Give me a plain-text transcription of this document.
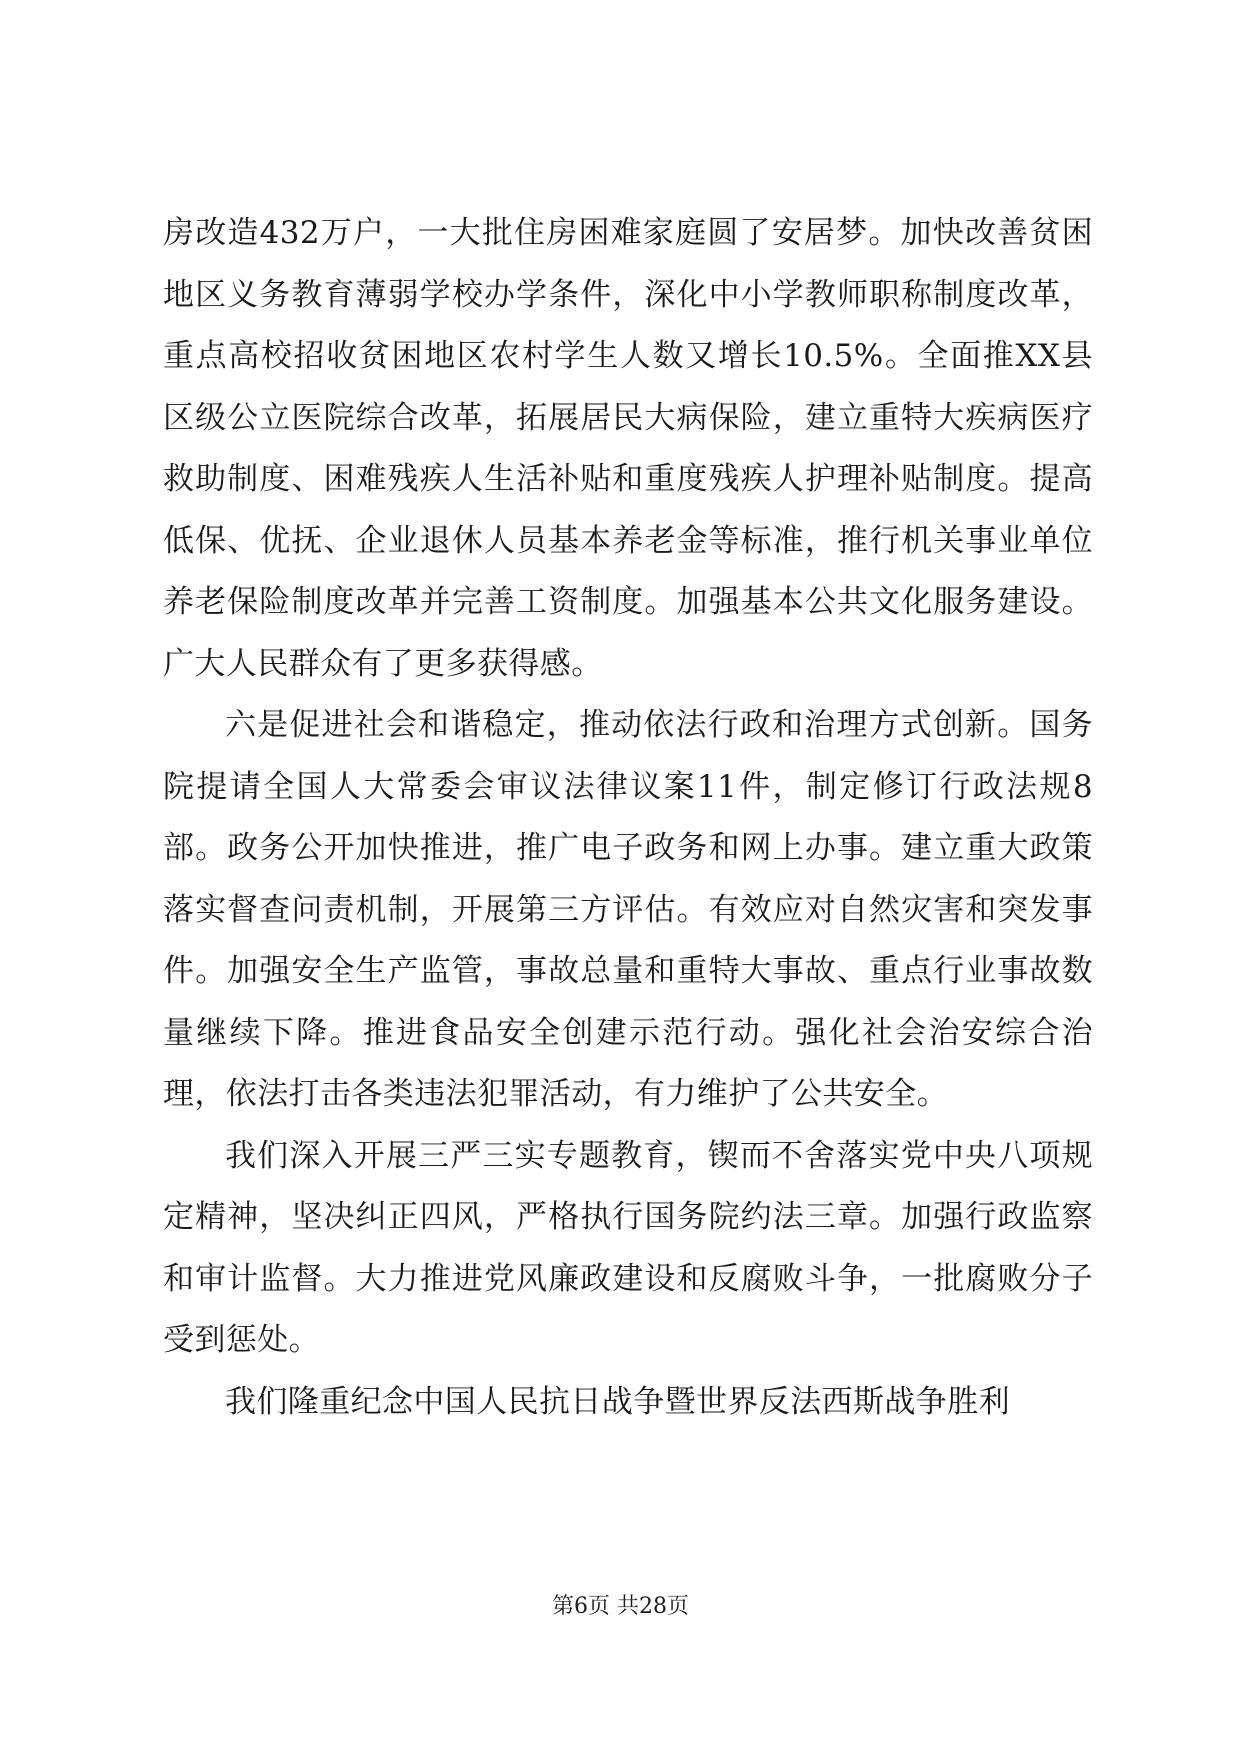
房改造432万户，一大批住房困难家庭圆了安居梦。加快改善贫困地区义务教育薄弱学校办学条件，深化中小学教师职称制度改革，重点高校招收贫困地区农村学生人数又增长10.5%。全面推XX县区级公立医院综合改革，拓展居民大病保险，建立重特大疾病医疗救助制度、困难残疾人生活补贴和重度残疾人护理补贴制度。提高低保、优抚、企业退休人员基本养老金等标准，推行机关事业单位养老保险制度改革并完善工资制度。加强基本公共文化服务建设。广大人民群众有了更多获得感。

六是促进社会和谐稳定，推动依法行政和治理方式创新。国务院提请全国人大常委会审议法律议案11件，制定修订行政法规8部。政务公开加快推进，推广电子政务和网上办事。建立重大政策落实督查问责机制，开展第三方评估。有效应对自然灾害和突发事件。加强安全生产监管，事故总量和重特大事故、重点行业事故数量继续下降。推进食品安全创建示范行动。强化社会治安综合治理，依法打击各类违法犯罪活动，有力维护了公共安全。

我们深入开展三严三实专题教育，锲而不舍落实党中央八项规定精神，坚决纠正四风，严格执行国务院约法三章。加强行政监察和审计监督。大力推进党风廉政建设和反腐败斗争，一批腐败分子受到惩处。

我们隆重纪念中国人民抗日战争暨世界反法西斯战争胜利

第6页 共28页
